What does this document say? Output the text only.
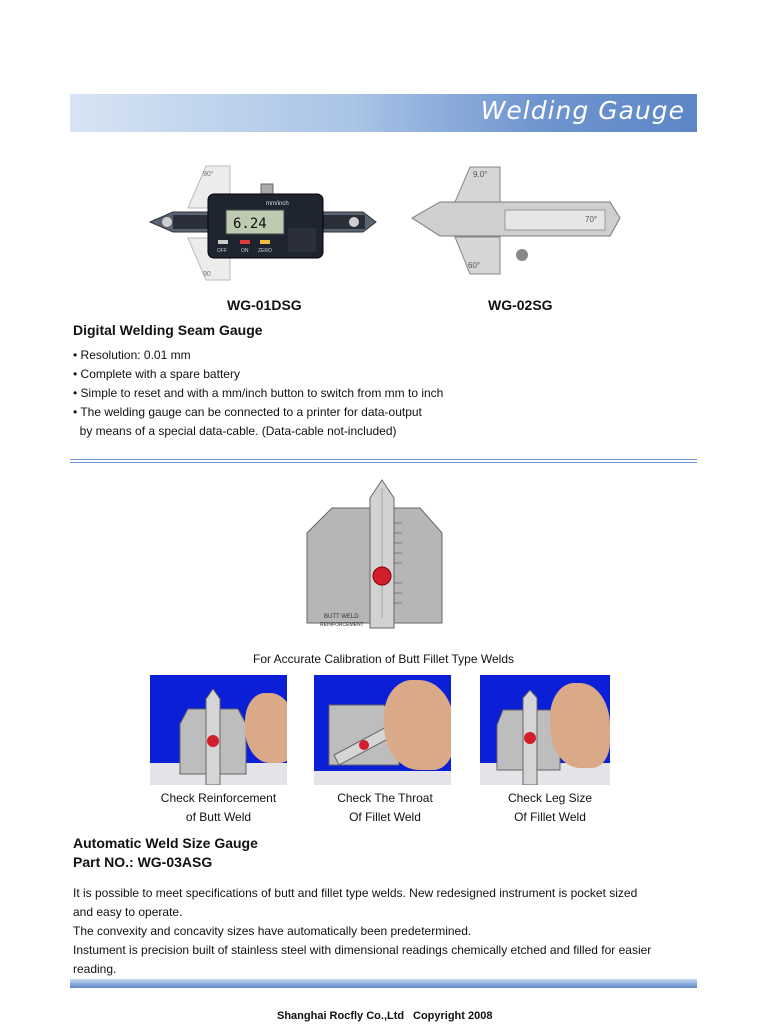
Welding Gauge
90°
90
6.24
mm/inch
OFF	ON ZERO
9.0°
70°
60°
WG-01DSG	WG-02SG
Digital Welding Seam Gauge
• Resolution: 0.01 mm
• Complete with a spare battery
• Simple to reset and with a mm/inch button to switch from mm to inch
• The welding gauge can be connected to a printer for data-output
by means of a special data-cable. (Data-cable not-included)
BUTT WELD
REINFORCEMENT
For Accurate Calibration of Butt Fillet Type Welds
Check Reinforcement
of Butt Weld
Check The Throat
Of Fillet Weld
Check Leg Size
Of Fillet Weld
Automatic Weld Size Gauge
Part NO.: WG-03ASG
It is possible to meet specifications of butt and fillet type welds. New redesigned instrument is pocket sized
and easy to operate.
The convexity and concavity sizes have automatically been predetermined.
Instument is precision built of stainless steel with dimensional readings chemically etched and filled for easier
reading.
Shanghai Rocfly Co.,Ltd Copyright 2008
